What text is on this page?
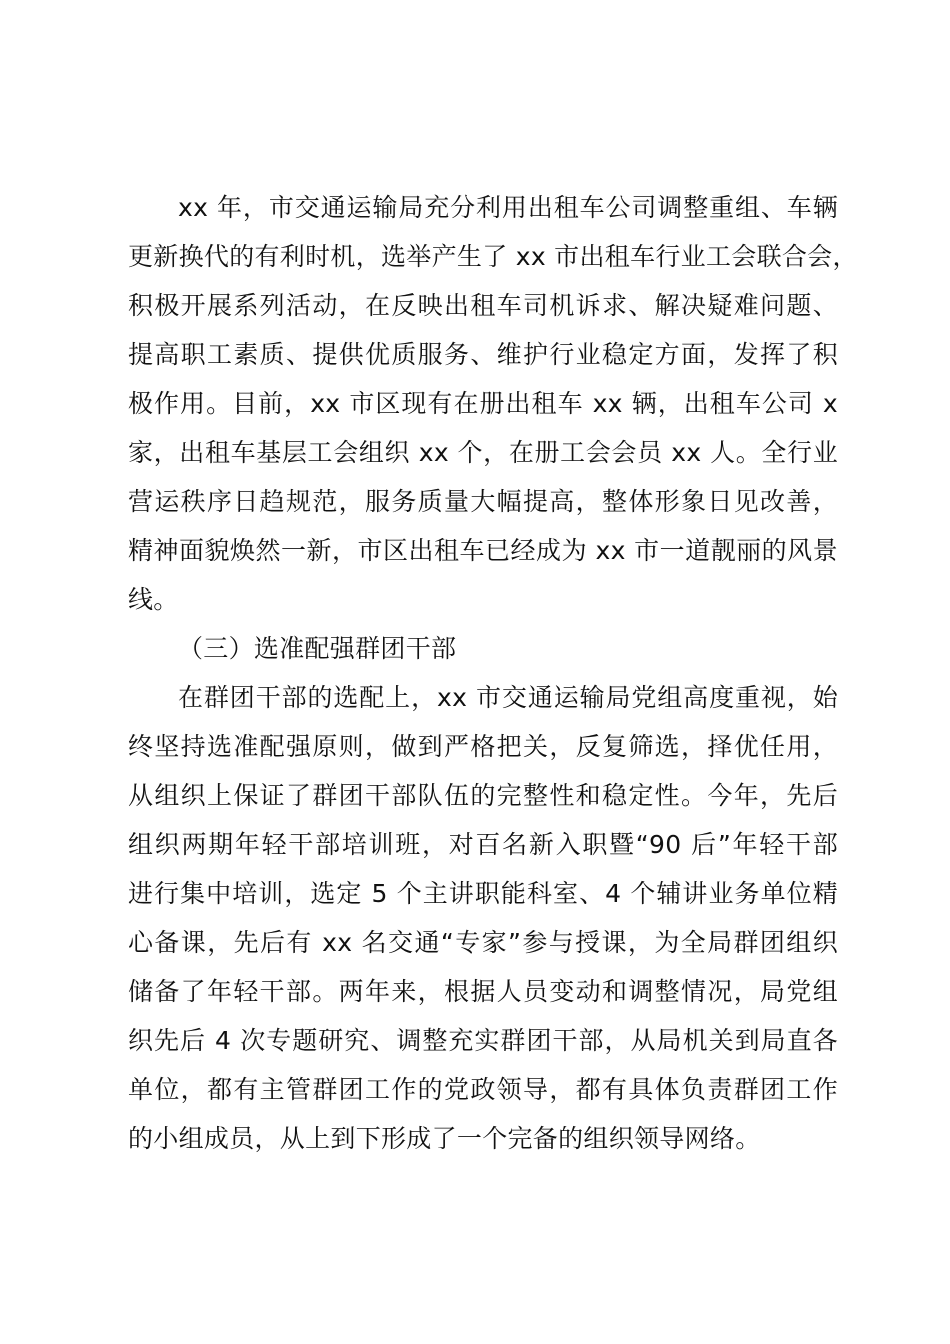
xx 年，市交通运输局充分利用出租车公司调整重组、车辆
更新换代的有利时机，选举产生了 xx 市出租车行业工会联合会，
积极开展系列活动，在反映出租车司机诉求、解决疑难问题、
提高职工素质、提供优质服务、维护行业稳定方面，发挥了积
极作用。目前，xx 市区现有在册出租车 xx 辆，出租车公司 x
家，出租车基层工会组织 xx 个，在册工会会员 xx 人。全行业
营运秩序日趋规范，服务质量大幅提高，整体形象日见改善，
精神面貌焕然一新，市区出租车已经成为 xx 市一道靓丽的风景
线。
（三）选准配强群团干部
在群团干部的选配上，xx 市交通运输局党组高度重视，始
终坚持选准配强原则，做到严格把关，反复筛选，择优任用，
从组织上保证了群团干部队伍的完整性和稳定性。今年，先后
组织两期年轻干部培训班，对百名新入职暨“90 后”年轻干部
进行集中培训，选定 5 个主讲职能科室、4 个辅讲业务单位精
心备课，先后有 xx 名交通“专家”参与授课，为全局群团组织
储备了年轻干部。两年来，根据人员变动和调整情况，局党组
织先后 4 次专题研究、调整充实群团干部，从局机关到局直各
单位，都有主管群团工作的党政领导，都有具体负责群团工作
的小组成员，从上到下形成了一个完备的组织领导网络。
